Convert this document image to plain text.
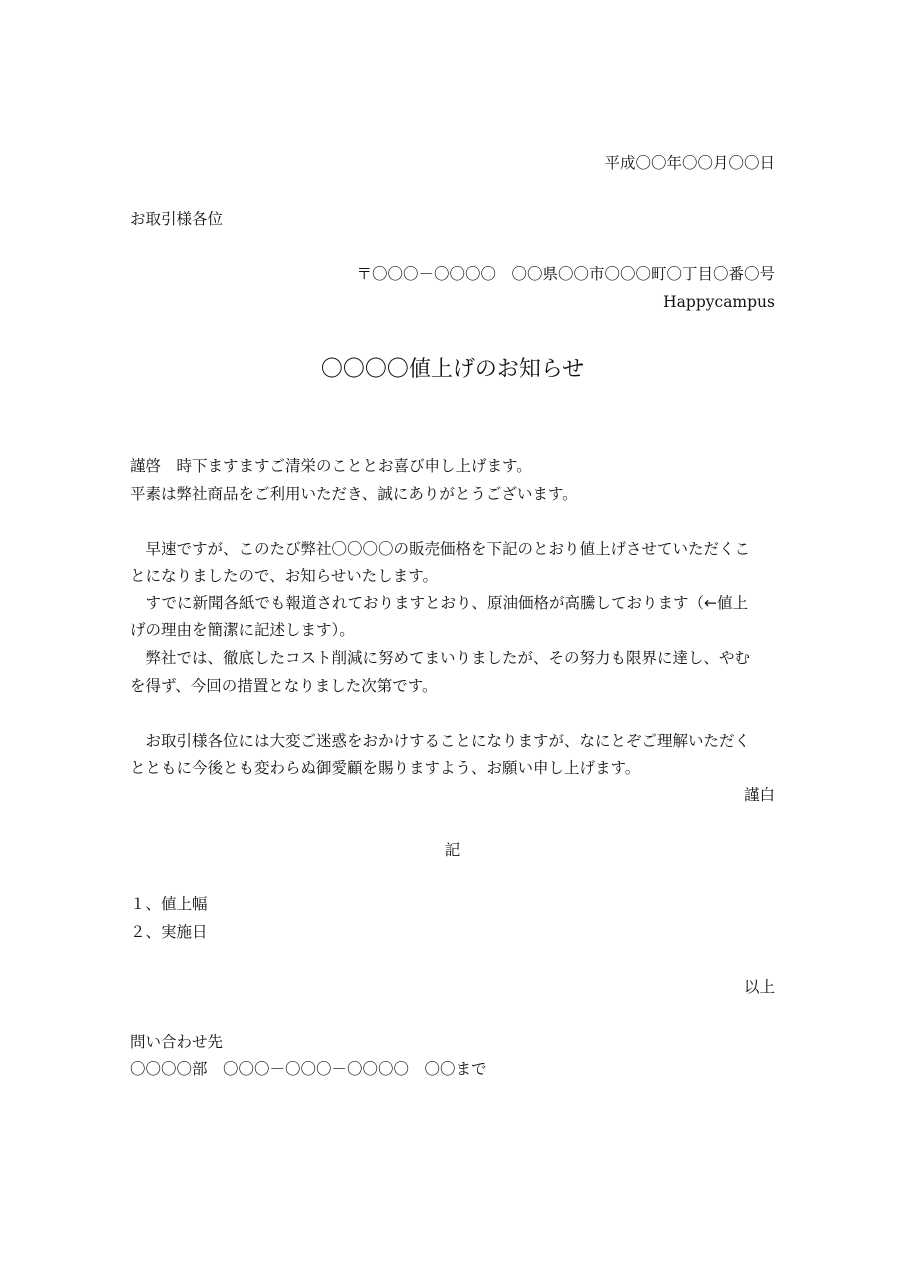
平成〇〇年〇〇月〇〇日
お取引様各位
〒〇〇〇－〇〇〇〇　〇〇県〇〇市〇〇〇町〇丁目〇番〇号
Happycampus
〇〇〇〇値上げのお知らせ
謹啓　時下ますますご清栄のこととお喜び申し上げます。
平素は弊社商品をご利用いただき、誠にありがとうございます。
　早速ですが、このたび弊社〇〇〇〇の販売価格を下記のとおり値上げさせていただくこ
とになりましたので、お知らせいたします。
　すでに新聞各紙でも報道されておりますとおり、原油価格が高騰しております（←値上
げの理由を簡潔に記述します）。
　弊社では、徹底したコスト削減に努めてまいりましたが、その努力も限界に達し、やむ
を得ず、今回の措置となりました次第です。
　お取引様各位には大変ご迷惑をおかけすることになりますが、なにとぞご理解いただく
とともに今後とも変わらぬ御愛顧を賜りますよう、お願い申し上げます。
謹白
記
１、値上幅
２、実施日
以上
問い合わせ先
〇〇〇〇部　〇〇〇－〇〇〇－〇〇〇〇　〇〇まで
